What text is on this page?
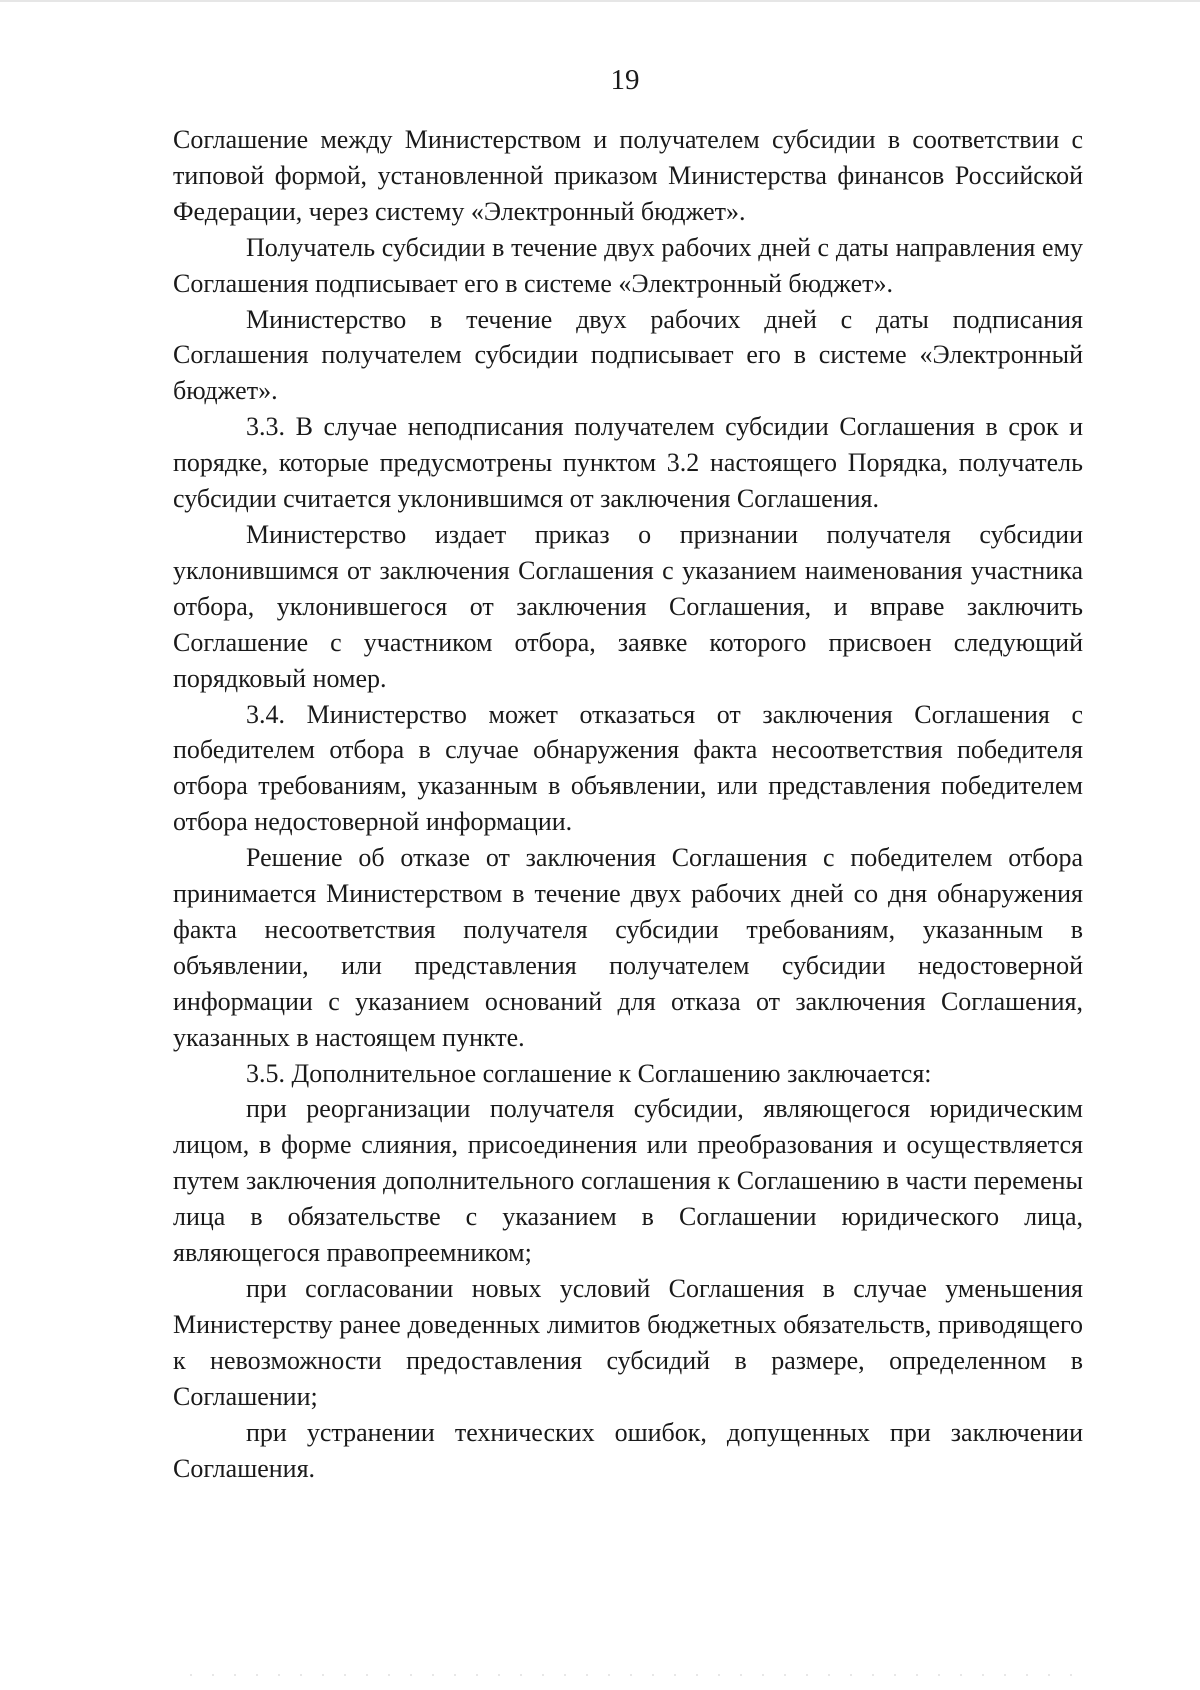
19

Соглашение между Министерством и получателем субсидии в соответствии с типовой формой, установленной приказом Министерства финансов Российской Федерации, через систему «Электронный бюджет».

Получатель субсидии в течение двух рабочих дней с даты направления ему Соглашения подписывает его в системе «Электронный бюджет».

Министерство в течение двух рабочих дней с даты подписания Соглашения получателем субсидии подписывает его в системе «Электронный бюджет».

3.3. В случае неподписания получателем субсидии Соглашения в срок и порядке, которые предусмотрены пунктом 3.2 настоящего Порядка, получатель субсидии считается уклонившимся от заключения Соглашения.

Министерство издает приказ о признании получателя субсидии уклонившимся от заключения Соглашения с указанием наименования участника отбора, уклонившегося от заключения Соглашения, и вправе заключить Соглашение с участником отбора, заявке которого присвоен следующий порядковый номер.

3.4. Министерство может отказаться от заключения Соглашения с победителем отбора в случае обнаружения факта несоответствия победителя отбора требованиям, указанным в объявлении, или представления победителем отбора недостоверной информации.

Решение об отказе от заключения Соглашения с победителем отбора принимается Министерством в течение двух рабочих дней со дня обнаружения факта несоответствия получателя субсидии требованиям, указанным в объявлении, или представления получателем субсидии недостоверной информации с указанием оснований для отказа от заключения Соглашения, указанных в настоящем пункте.

3.5. Дополнительное соглашение к Соглашению заключается:

при реорганизации получателя субсидии, являющегося юридическим лицом, в форме слияния, присоединения или преобразования и осуществляется путем заключения дополнительного соглашения к Соглашению в части перемены лица в обязательстве с указанием в Соглашении юридического лица, являющегося правопреемником;

при согласовании новых условий Соглашения в случае уменьшения Министерству ранее доведенных лимитов бюджетных обязательств, приводящего к невозможности предоставления субсидий в размере, определенном в Соглашении;

при устранении технических ошибок, допущенных при заключении Соглашения.
